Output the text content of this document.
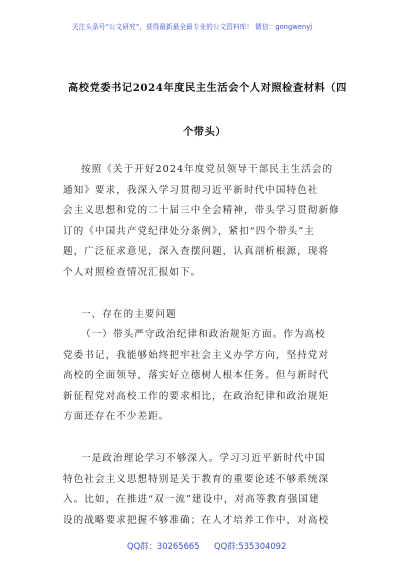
关注头条号“公文研究”，获得最新最全最专业的公文资料库！ 微信：gongwenyj
高校党委书记2024年度民主生活会个人对照检查材料（四
个带头）
按照《关于开好2024年度党员领导干部民主生活会的
通知》要求，我深入学习贯彻习近平新时代中国特色社
会主义思想和党的二十届三中全会精神，带头学习贯彻新修
订的《中国共产党纪律处分条例》，紧扣“四个带头”主
题，广泛征求意见，深入查摆问题，认真剖析根源，现将
个人对照检查情况汇报如下。
一、存在的主要问题
（一）带头严守政治纪律和政治规矩方面。作为高校
党委书记，我能够始终把牢社会主义办学方向，坚持党对
高校的全面领导，落实好立德树人根本任务。但与新时代
新征程党对高校工作的要求相比，在政治纪律和政治规矩
方面还存在不少差距。
一是政治理论学习不够深入。学习习近平新时代中国
特色社会主义思想特别是关于教育的重要论述不够系统深
入。比如，在推进“双一流”建设中，对高等教育强国建
设的战略要求把握不够准确；在人才培养工作中，对高校
QQ群：30265665 QQ群:535304092
